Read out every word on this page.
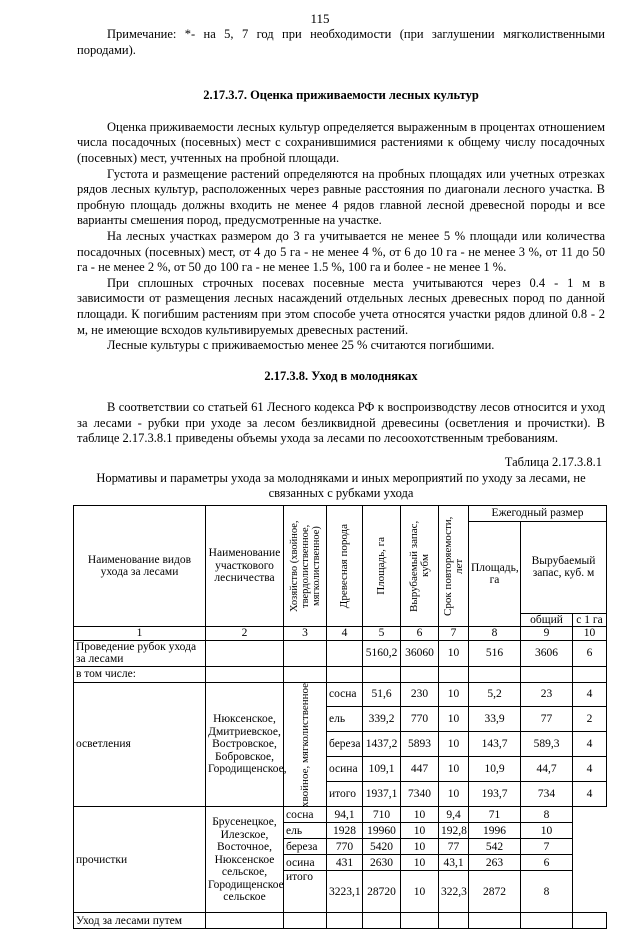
115

Примечание: *- на 5, 7 год при необходимости (при заглушении мягколиственными породами).

2.17.3.7. Оценка приживаемости лесных культур

Оценка приживаемости лесных культур определяется выраженным в процентах отношением числа посадочных (посевных) мест с сохранившимися растениями к общему числу посадочных (посевных) мест, учтенных на пробной площади.

Густота и размещение растений определяются на пробных площадях или учетных отрезках рядов лесных культур, расположенных через равные расстояния по диагонали лесного участка. В пробную площадь должны входить не менее 4 рядов главной лесной древесной породы и все варианты смешения пород, предусмотренные на участке.

На лесных участках размером до 3 га учитывается не менее 5 % площади или количества посадочных (посевных) мест, от 4 до 5 га - не менее 4 %, от 6 до 10 га - не менее 3 %, от 11 до 50 га - не менее 2 %, от 50 до 100 га - не менее 1.5 %, 100 га и более - не менее 1 %.

При сплошных строчных посевах посевные места учитываются через 0.4 - 1 м в зависимости от размещения лесных насаждений отдельных лесных древесных пород по данной площади. К погибшим растениям при этом способе учета относятся участки рядов длиной 0.8 - 2 м, не имеющие всходов культивируемых древесных растений.

Лесные культуры с приживаемостью менее 25 % считаются погибшими.

2.17.3.8. Уход в молодняках

В соответствии со статьей 61 Лесного кодекса РФ к воспроизводству лесов относится и уход за лесами - рубки при уходе за лесом безликвидной древесины (осветления и прочистки). В таблице 2.17.3.8.1 приведены объемы ухода за лесами по лесоохотственным требованиям.

Таблица 2.17.3.8.1
Нормативы и параметры ухода за молодняками и иных мероприятий по уходу за лесами, не связанных с рубками ухода
Наименование видов ухода за лесами	Наименование участкового лесничества	Хозяйство (хвойное, твердолиственное, мягколиственное)	Древесная порода	Площадь, га	Вырубаемый запас, кубм	Срок повторяемости, лет	Ежегодный размер		
							Площадь, га	Вырубаемый запас, куб. м	
								общий	с 1 га
1	2	3	4	5	6	7	8	9	10
Проведение рубок ухода за лесами				5160,2	36060	10	516	3606	6
в том числе:									
осветления	Нюксенское, Дмитриевское, Востровское, Бобровское, Городищенское,	хвойное, мягколиственное	сосна	51,6	230	10	5,2	23	4
			ель	339,2	770	10	33,9	77	2
			береза	1437,2	5893	10	143,7	589,3	4
			осина	109,1	447	10	10,9	44,7	4
			итого	1937,1	7340	10	193,7	734	4
прочистки	Брусенецкое, Илезское, Восточное, Нюксенское сельское, Городищенское сельское	сосна	94,1	710	10	9,4	71	8	
		ель	1928	19960	10	192,8	1996	10	
		береза	770	5420	10	77	542	7	
		осина	431	2630	10	43,1	263	6	
		итого	3223,1	28720	10	322,3	2872	8	
Уход за лесами путем									
